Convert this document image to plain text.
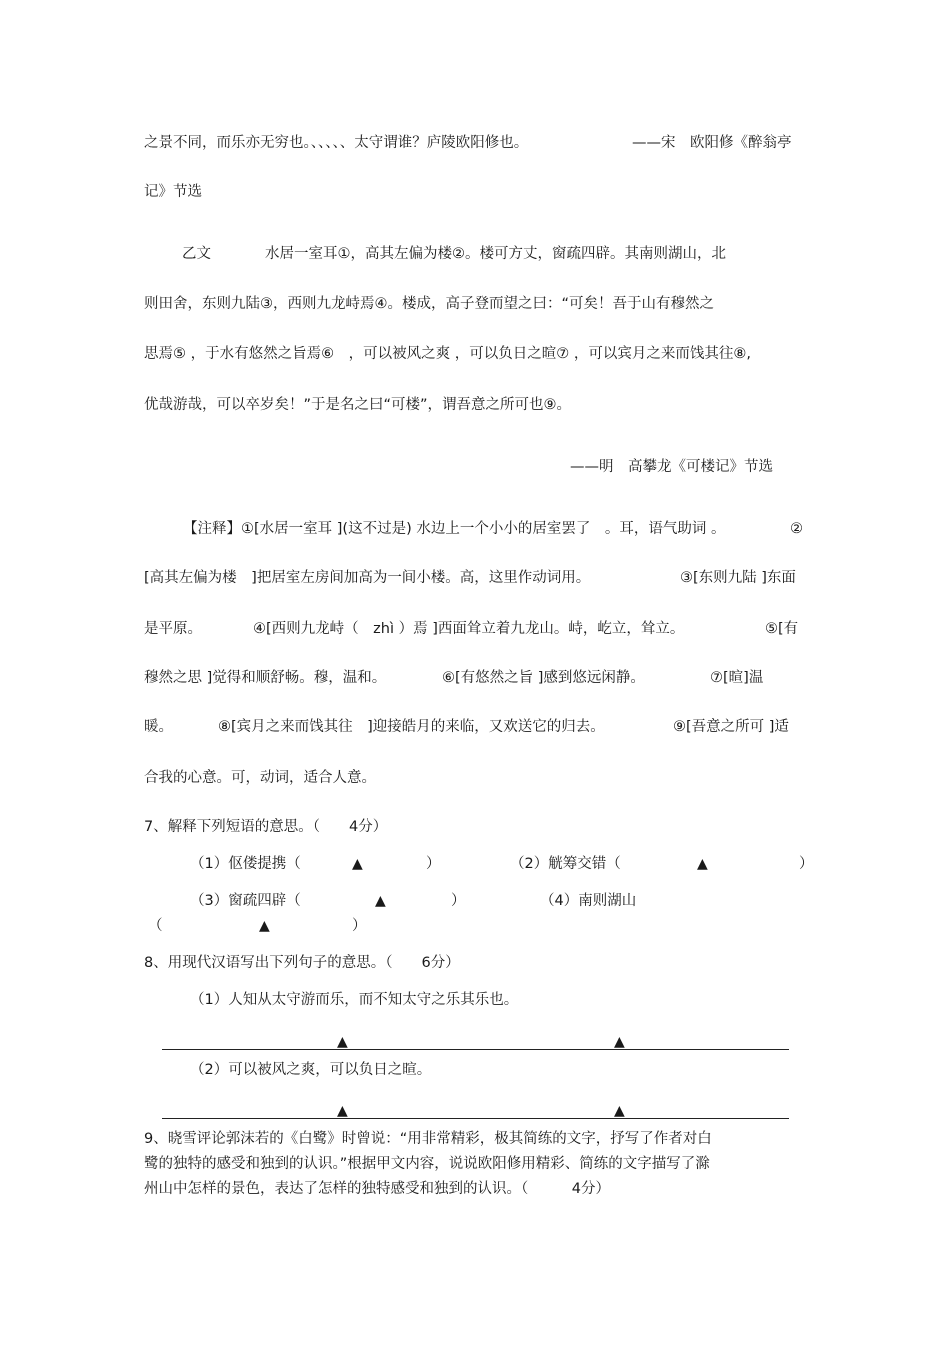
之景不同，而乐亦无穷也。、、、、、太守谓谁？庐陵欧阳修也。	——宋 欧阳修《醉翁亭
记》节选
乙文	水居一室耳①，高其左偏为楼②。楼可方丈，窗疏四辟。其南则湖山，北
则田舍，东则九陆③，西则九龙峙焉④。楼成，高子登而望之曰：“可矣！吾于山有穆然之
思焉⑤ ，于水有悠然之旨焉⑥　，可以被风之爽 ，可以负日之暄⑦ ，可以宾月之来而饯其往⑧,
优哉游哉，可以卒岁矣！”于是名之曰“可楼”，谓吾意之所可也⑨。
——明　高攀龙《可楼记》节选
【注释】①[水居一室耳 ](这不过是) 水边上一个小小的居室罢了　。耳，语气助词 。	②
[高其左偏为楼　]把居室左房间加高为一间小楼。高，这里作动词用。	③[东则九陆 ]东面
是平原。	④[西则九龙峙（　zhì ）焉 ]西面耸立着九龙山。峙，屹立，耸立。	⑤[有
穆然之思 ]觉得和顺舒畅。穆，温和。	⑥[有悠然之旨 ]感到悠远闲静。	⑦[暄]温
暖。	⑧[宾月之来而饯其往　]迎接皓月的来临，又欢送它的归去。	⑨[吾意之所可 ]适
合我的心意。可，动词，适合人意。
7、解释下列短语的意思。（　　4分）
（1）伛偻提携（	▲	）	（2）觥筹交错（	▲	）
（3）窗疏四辟（	▲	）	（4）南则湖山
（	▲	）
8、用现代汉语写出下列句子的意思。（　　6分）
（1）人知从太守游而乐，而不知太守之乐其乐也。
▲	▲
（2）可以被风之爽，可以负日之暄。
▲	▲
9、晓雪评论郭沫若的《白鹭》时曾说：“用非常精彩，极其简练的文字，抒写了作者对白
鹭的独特的感受和独到的认识。”根据甲文内容，说说欧阳修用精彩、简练的文字描写了滁
州山中怎样的景色，表达了怎样的独特感受和独到的认识。（　　　4分）
